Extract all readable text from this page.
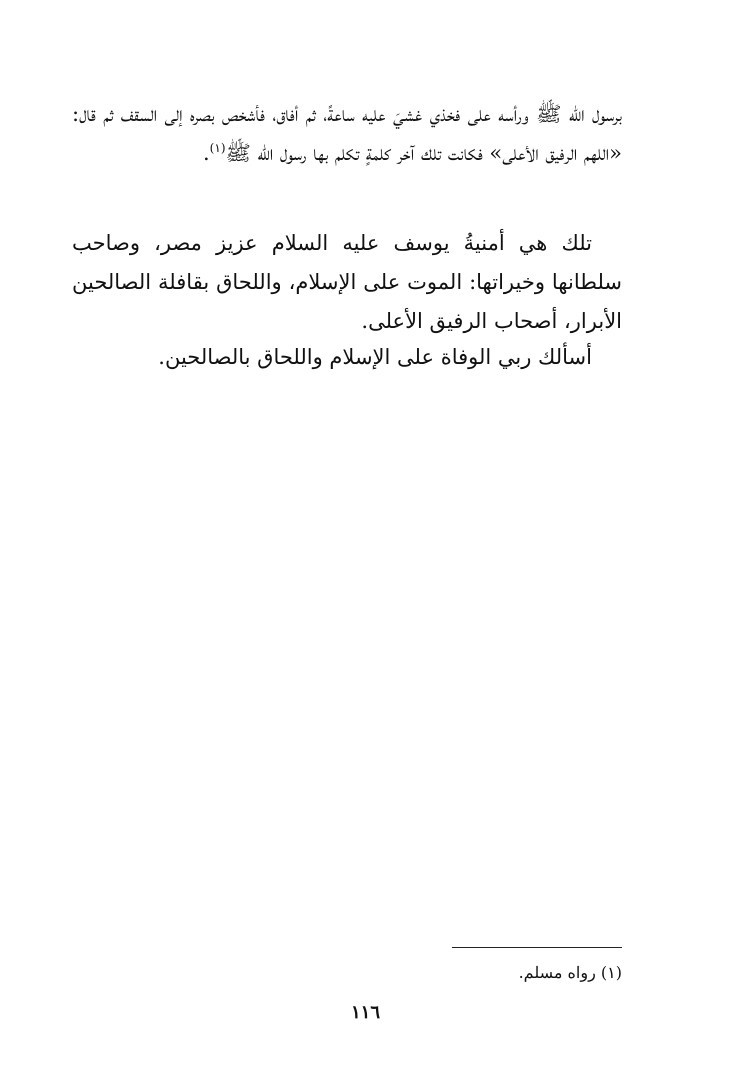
برسول الله ﷺ ورأسه على فخذي غشيَ عليه ساعةً، ثم أفاق، فأشخص بصره إلى السقف ثم قال: «اللهم الرفيق الأعلى» فكانت تلك آخر كلمةٍ تكلم بها رسول الله ﷺ$^{(١)}$.

تلك هي أمنيةُ يوسف عليه السلام عزيز مصر، وصاحب سلطانها وخيراتها: الموت على الإسلام، واللحاق بقافلة الصالحين الأبرار، أصحاب الرفيق الأعلى.

أسألك ربي الوفاة على الإسلام واللحاق بالصالحين.

(١) رواه مسلم.
١١٦
